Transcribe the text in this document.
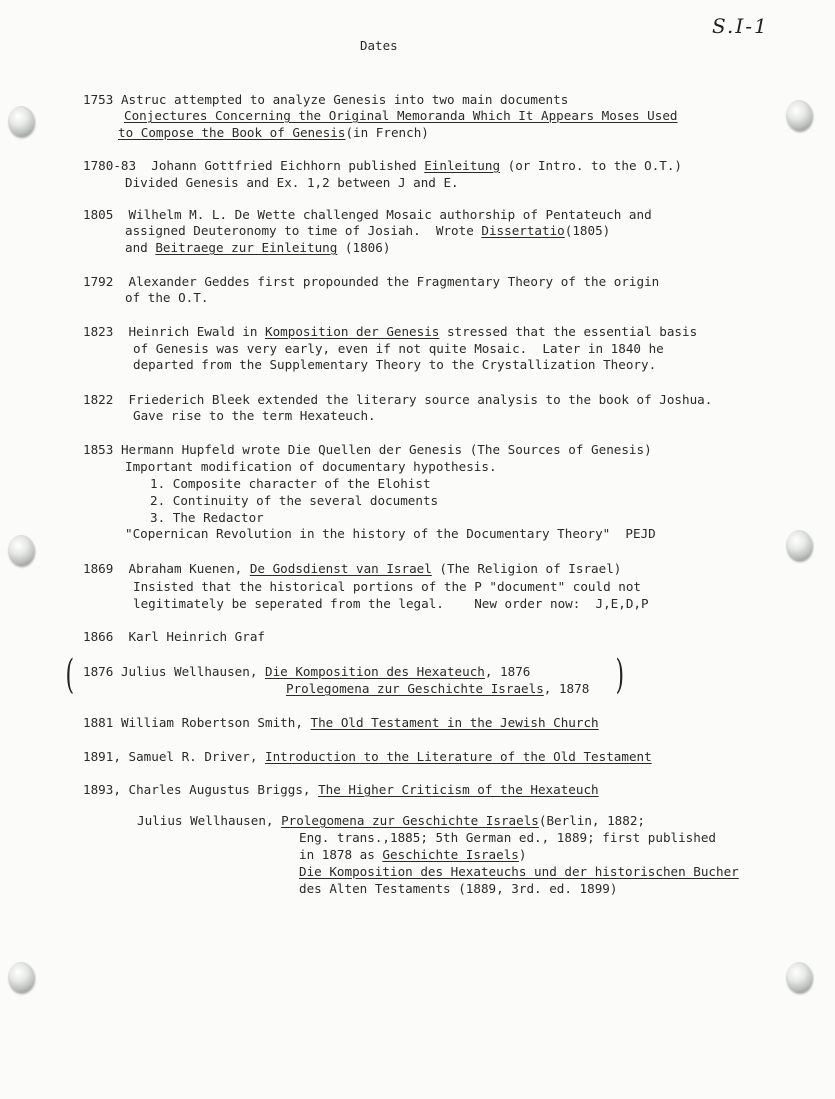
S.I-1
Dates
1753 Astruc attempted to analyze Genesis into two main documents
Conjectures Concerning the Original Memoranda Which It Appears Moses Used
to Compose the Book of Genesis(in French)
1780-83 Johann Gottfried Eichhorn published Einleitung (or Intro. to the O.T.)
Divided Genesis and Ex. 1,2 between J and E.
1805 Wilhelm M. L. De Wette challenged Mosaic authorship of Pentateuch and
assigned Deuteronomy to time of Josiah.  Wrote Dissertatio(1805)
and Beitraege zur Einleitung (1806)
1792 Alexander Geddes first propounded the Fragmentary Theory of the origin
of the O.T.
1823 Heinrich Ewald in Komposition der Genesis stressed that the essential basis
of Genesis was very early, even if not quite Mosaic.  Later in 1840 he
departed from the Supplementary Theory to the Crystallization Theory.
1822 Friederich Bleek extended the literary source analysis to the book of Joshua.
Gave rise to the term Hexateuch.
1853 Hermann Hupfeld wrote Die Quellen der Genesis (The Sources of Genesis)
Important modification of documentary hypothesis.
1. Composite character of the Elohist
2. Continuity of the several documents
3. The Redactor
"Copernican Revolution in the history of the Documentary Theory"  PEJD
1869 Abraham Kuenen, De Godsdienst van Israel (The Religion of Israel)
Insisted that the historical portions of the P "document" could not
legitimately be seperated from the legal.    New order now:  J,E,D,P
1866 Karl Heinrich Graf
( 1876 Julius Wellhausen, Die Komposition des Hexateuch, 1876
Prolegomena zur Geschichte Israels, 1878 )
1881 William Robertson Smith, The Old Testament in the Jewish Church
1891, Samuel R. Driver, Introduction to the Literature of the Old Testament
1893, Charles Augustus Briggs, The Higher Criticism of the Hexateuch
Julius Wellhausen, Prolegomena zur Geschichte Israels(Berlin, 1882;
Eng. trans.,1885; 5th German ed., 1889; first published
in 1878 as Geschichte Israels)
Die Komposition des Hexateuchs und der historischen Bucher
des Alten Testaments (1889, 3rd. ed. 1899)
